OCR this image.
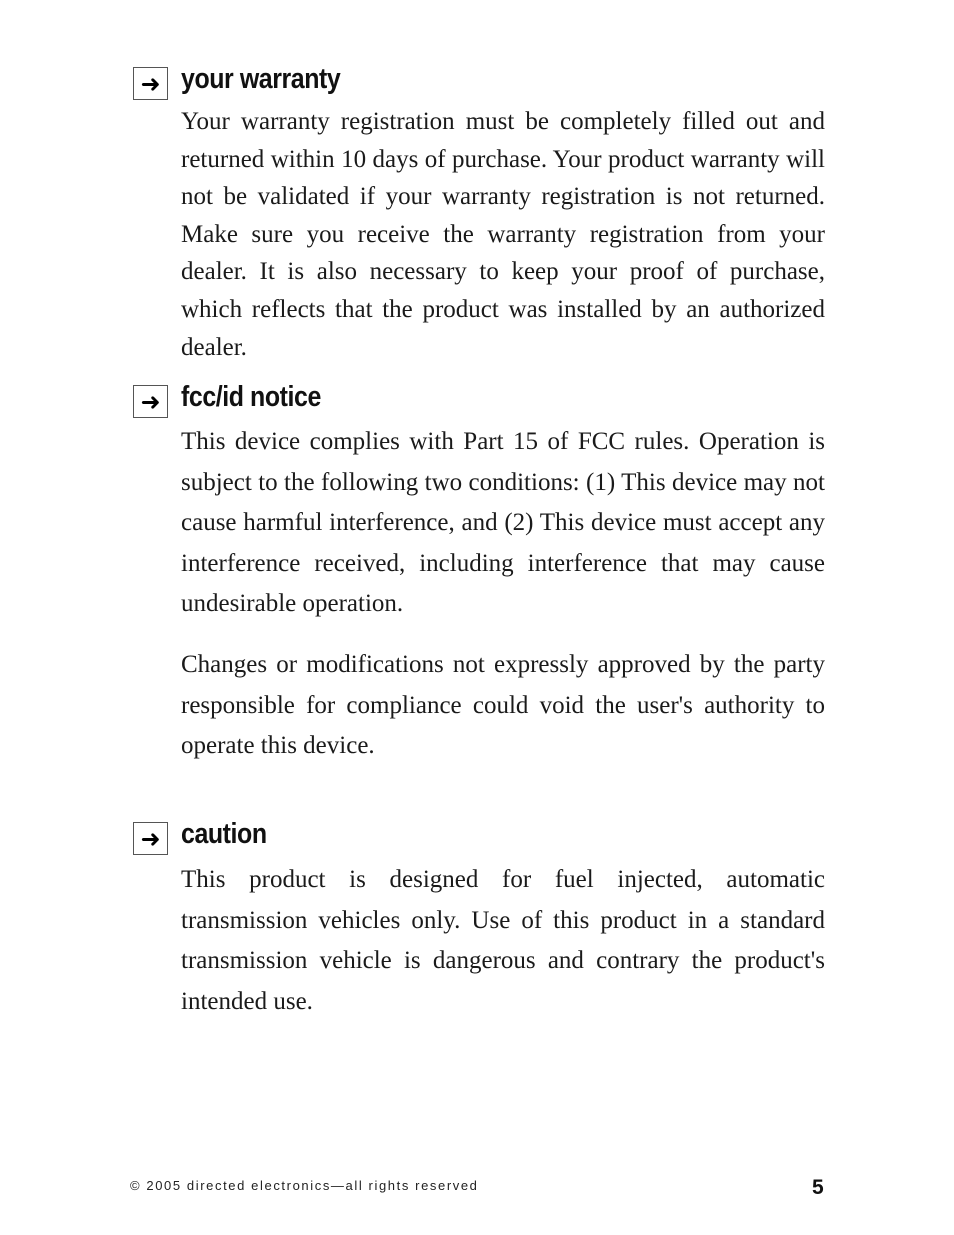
➜ your warranty

Your warranty registration must be completely filled out and returned within 10 days of purchase. Your product warranty will not be validated if your warranty registration is not returned. Make sure you receive the warranty registration from your dealer. It is also necessary to keep your proof of purchase, which reflects that the product was installed by an authorized dealer.

➜ fcc/id notice

This device complies with Part 15 of FCC rules. Operation is subject to the following two conditions: (1) This device may not cause harmful interference, and (2) This device must accept any interference received, including interference that may cause undesirable operation.

Changes or modifications not expressly approved by the party responsible for compliance could void the user's authority to operate this device.

➜ caution

This product is designed for fuel injected, automatic transmission vehicles only. Use of this product in a standard transmission vehicle is dangerous and contrary the product's intended use.

© 2005 directed electronics—all rights reserved	5
